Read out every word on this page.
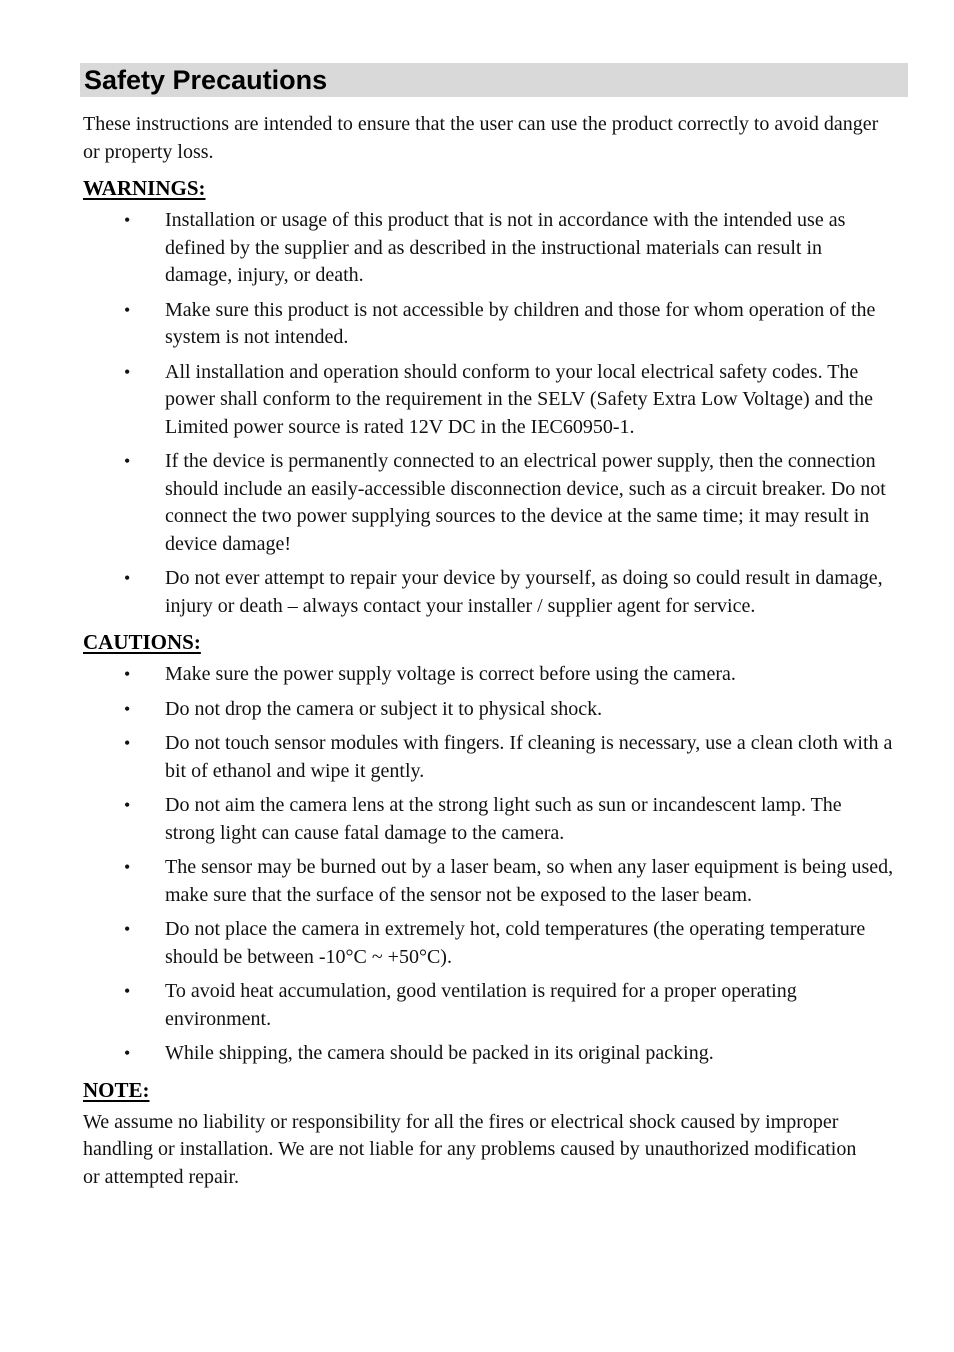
Safety Precautions

These instructions are intended to ensure that the user can use the product correctly to avoid danger or property loss.

WARNINGS:
• Installation or usage of this product that is not in accordance with the intended use as defined by the supplier and as described in the instructional materials can result in damage, injury, or death.
• Make sure this product is not accessible by children and those for whom operation of the system is not intended.
• All installation and operation should conform to your local electrical safety codes. The power shall conform to the requirement in the SELV (Safety Extra Low Voltage) and the Limited power source is rated 12V DC in the IEC60950-1.
• If the device is permanently connected to an electrical power supply, then the connection should include an easily-accessible disconnection device, such as a circuit breaker. Do not connect the two power supplying sources to the device at the same time; it may result in device damage!
• Do not ever attempt to repair your device by yourself, as doing so could result in damage, injury or death – always contact your installer / supplier agent for service.
CAUTIONS:
• Make sure the power supply voltage is correct before using the camera.
• Do not drop the camera or subject it to physical shock.
• Do not touch sensor modules with fingers. If cleaning is necessary, use a clean cloth with a bit of ethanol and wipe it gently.
• Do not aim the camera lens at the strong light such as sun or incandescent lamp. The strong light can cause fatal damage to the camera.
• The sensor may be burned out by a laser beam, so when any laser equipment is being used, make sure that the surface of the sensor not be exposed to the laser beam.
• Do not place the camera in extremely hot, cold temperatures (the operating temperature should be between -10°C ~ +50°C).
• To avoid heat accumulation, good ventilation is required for a proper operating environment.
• While shipping, the camera should be packed in its original packing.
NOTE:

We assume no liability or responsibility for all the fires or electrical shock caused by improper handling or installation. We are not liable for any problems caused by unauthorized modification or attempted repair.
